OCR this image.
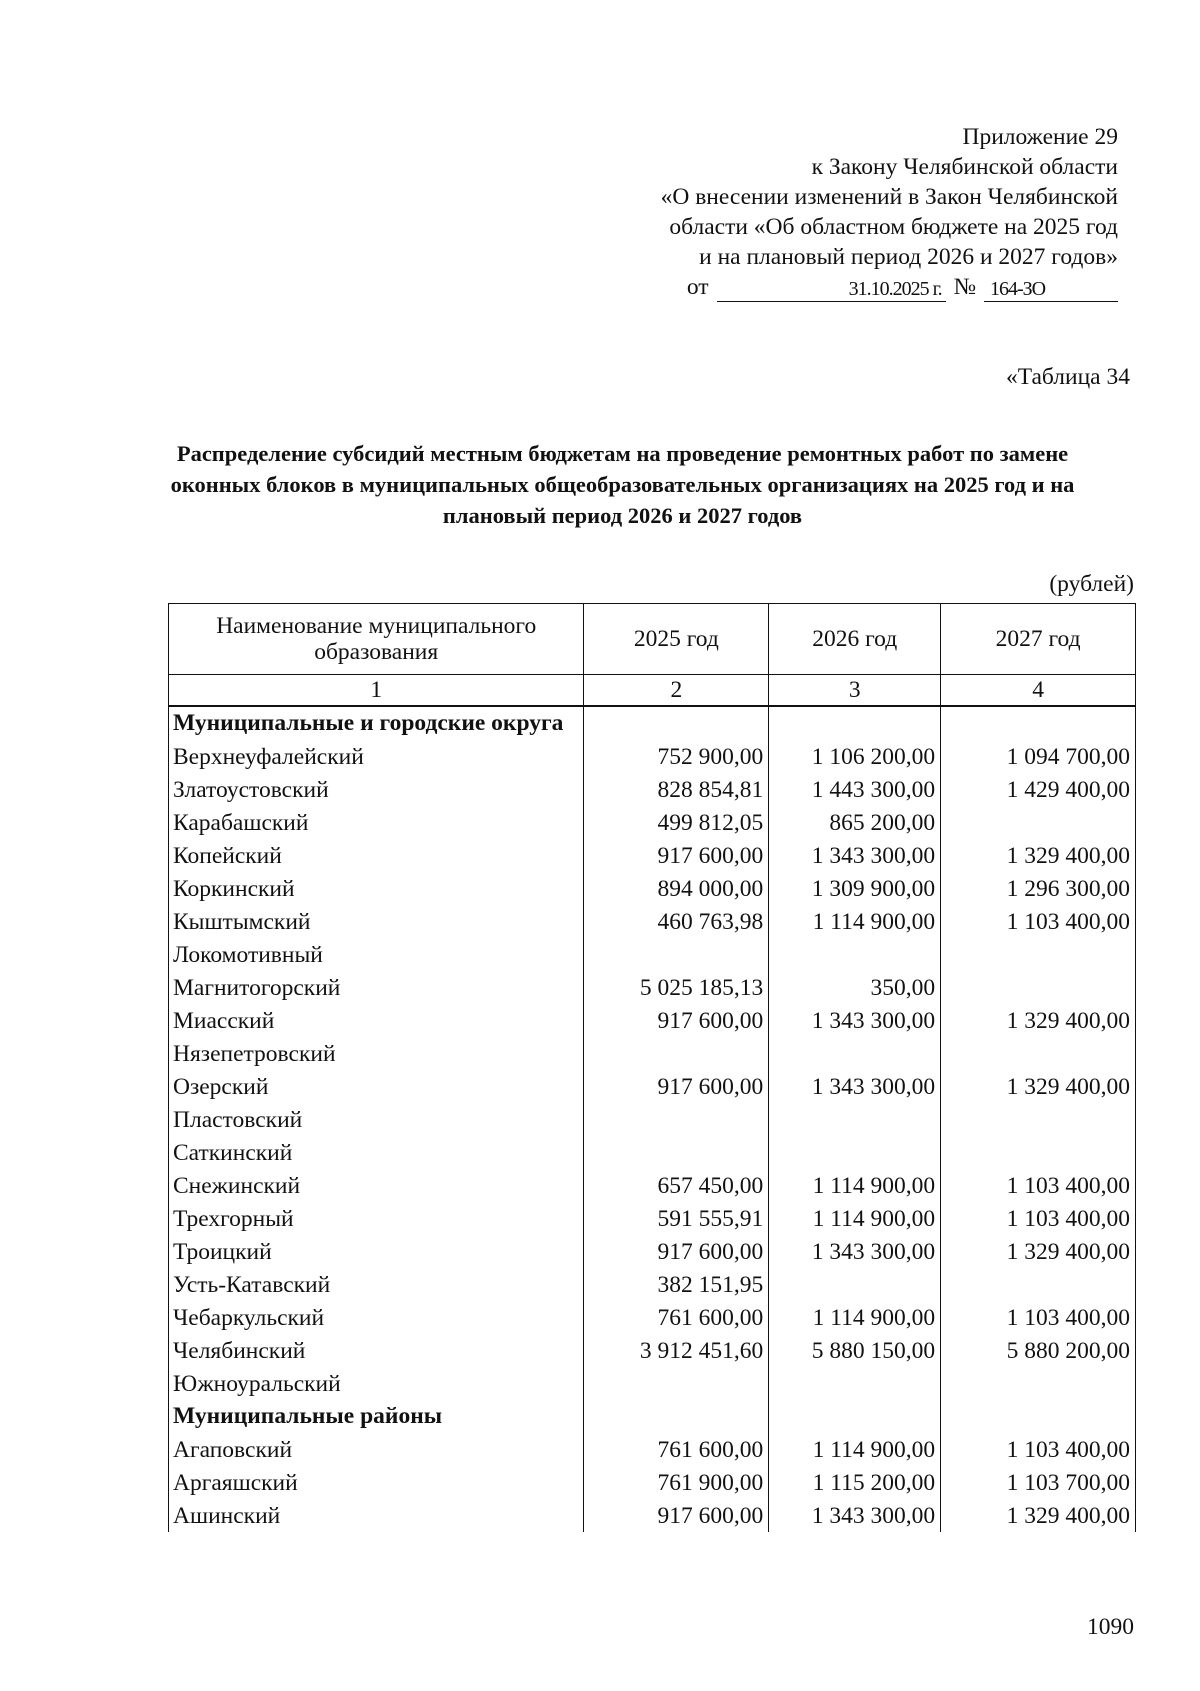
Приложение 29
к Закону Челябинской области
«О внесении изменений в Закон Челябинской
области «Об областном бюджете на 2025 год
и на плановый период 2026 и 2027 годов»
от	31.10.2025 г. № 164-ЗО
«Таблица 34
Распределение субсидий местным бюджетам на проведение ремонтных работ по замене оконных блоков в муниципальных общеобразовательных организациях на 2025 год и на плановый период 2026 и 2027 годов
(рублей)
Наименование муниципального образования	2025 год	2026 год	2027 год
1	2	3	4
Муниципальные и городские округа			
Верхнеуфалейский	752 900,00	1 106 200,00	1 094 700,00
Златоустовский	828 854,81	1 443 300,00	1 429 400,00
Карабашский	499 812,05	865 200,00	
Копейский	917 600,00	1 343 300,00	1 329 400,00
Коркинский	894 000,00	1 309 900,00	1 296 300,00
Кыштымский	460 763,98	1 114 900,00	1 103 400,00
Локомотивный			
Магнитогорский	5 025 185,13	350,00	
Миасский	917 600,00	1 343 300,00	1 329 400,00
Нязепетровский			
Озерский	917 600,00	1 343 300,00	1 329 400,00
Пластовский			
Саткинский			
Снежинский	657 450,00	1 114 900,00	1 103 400,00
Трехгорный	591 555,91	1 114 900,00	1 103 400,00
Троицкий	917 600,00	1 343 300,00	1 329 400,00
Усть-Катавский	382 151,95		
Чебаркульский	761 600,00	1 114 900,00	1 103 400,00
Челябинский	3 912 451,60	5 880 150,00	5 880 200,00
Южноуральский			
Муниципальные районы			
Агаповский	761 600,00	1 114 900,00	1 103 400,00
Аргаяшский	761 900,00	1 115 200,00	1 103 700,00
Ашинский	917 600,00	1 343 300,00	1 329 400,00
1090
